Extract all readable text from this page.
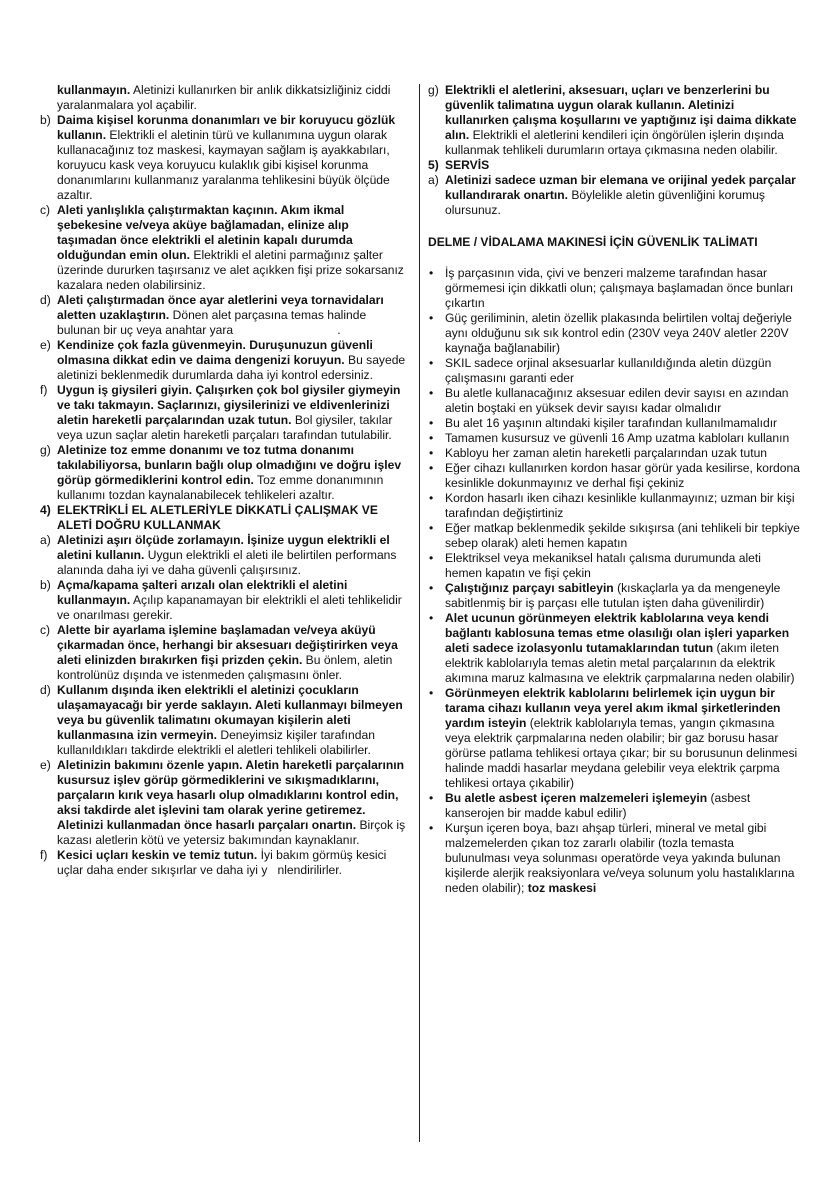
kullanmayın. Aletinizi kullanırken bir anlık dikkatsizliğiniz ciddi yaralanmalara yol açabilir.

b) Daima kişisel korunma donanımları ve bir koruyucu gözlük kullanın. Elektrikli el aletinin türü ve kullanımına uygun olarak kullanacağınız toz maskesi, kaymayan sağlam iş ayakkabıları, koruyucu kask veya koruyucu kulaklık gibi kişisel korunma donanımlarını kullanmanız yaralanma tehlikesini büyük ölçüde azaltır.

c) Aleti yanlışlıkla çalıştırmaktan kaçının. Akım ikmal şebekesine ve/veya aküye bağlamadan, elinize alıp taşımadan önce elektrikli el aletinin kapalı durumda olduğundan emin olun. Elektrikli el aletini parmağınız şalter üzerinde dururken taşırsanız ve alet açıkken fişi prize sokarsanız kazalara neden olabilirsiniz.

d) Aleti çalıştırmadan önce ayar aletlerini veya tornavidaları aletten uzaklaştırın. Dönen alet parçasına temas halinde bulunan bir uç veya anahtar yara                               .

e) Kendinize çok fazla güvenmeyin. Duruşunuzun güvenli olmasına dikkat edin ve daima dengenizi koruyun. Bu sayede aletinizi beklenmedik durumlarda daha iyi kontrol edersiniz.

f) Uygun iş giysileri giyin. Çalışırken çok bol giysiler giymeyin ve takı takmayın. Saçlarınızı, giysilerinizi ve eldivenlerinizi aletin hareketli parçalarından uzak tutun. Bol giysiler, takılar veya uzun saçlar aletin hareketli parçaları tarafından tutulabilir.

g) Aletinize toz emme donanımı ve toz tutma donanımı takılabiliyorsa, bunların bağlı olup olmadığını ve doğru işlev görüp görmediklerini kontrol edin. Toz emme donanımının kullanımı tozdan kaynalanabilecek tehlikeleri azaltır.

4) ELEKTRİKLİ EL ALETLERİYLE DİKKATLİ ÇALIŞMAK VE ALETİ DOĞRU KULLANMAK

a) Aletinizi aşırı ölçüde zorlamayın. İşinize uygun elektrikli el aletini kullanın. Uygun elektrikli el aleti ile belirtilen performans alanında daha iyi ve daha güvenli çalışırsınız.

b) Açma/kapama şalteri arızalı olan elektrikli el aletini kullanmayın. Açılıp kapanamayan bir elektrikli el aleti tehlikelidir ve onarılması gerekir.

c) Alette bir ayarlama işlemine başlamadan ve/veya aküyü çıkarmadan önce, herhangi bir aksesuarı değiştirirken veya aleti elinizden bırakırken fişi prizden çekin. Bu önlem, aletin kontrolünüz dışında ve istenmeden çalışmasını önler.

d) Kullanım dışında iken elektrikli el aletinizi çocukların ulaşamayacağı bir yerde saklayın. Aleti kullanmayı bilmeyen veya bu güvenlik talimatını okumayan kişilerin aleti kullanmasına izin vermeyin. Deneyimsiz kişiler tarafından kullanıldıkları takdirde elektrikli el aletleri tehlikeli olabilirler.

e) Aletinizin bakımını özenle yapın. Aletin hareketli parçalarının kusursuz işlev görüp görmediklerini ve sıkışmadıklarını, parçaların kırık veya hasarlı olup olmadıklarını kontrol edin, aksi takdirde alet işlevini tam olarak yerine getiremez. Aletinizi kullanmadan önce hasarlı parçaları onartın. Birçok iş kazası aletlerin kötü ve yetersiz bakımından kaynaklanır.

f) Kesici uçları keskin ve temiz tutun. İyi bakım görmüş kesici uçlar daha ender sıkışırlar ve daha iyi y   nlendirilirler.

g) Elektrikli el aletlerini, aksesuarı, uçları ve benzerlerini bu güvenlik talimatına uygun olarak kullanın. Aletinizi kullanırken çalışma koşullarını ve yaptığınız işi daima dikkate alın. Elektrikli el aletlerini kendileri için öngörülen işlerin dışında kullanmak tehlikeli durumların ortaya çıkmasına neden olabilir.

5) SERVİS

a) Aletinizi sadece uzman bir elemana ve orijinal yedek parçalar kullandırarak onartın. Böylelikle aletin güvenliğini korumuş olursunuz.

DELME / VİDALAMA MAKINESİ İÇİN GÜVENLİK TALİMATI
• İş parçasının vida, çivi ve benzeri malzeme tarafından hasar görmemesi için dikkatli olun; çalışmaya başlamadan önce bunları çıkartın
• Güç geriliminin, aletin özellik plakasında belirtilen voltaj değeriyle aynı olduğunu sık sık kontrol edin (230V veya 240V aletler 220V kaynağa bağlanabilir)
• SKIL sadece orjinal aksesuarlar kullanıldığında aletin düzgün çalışmasını garanti eder
• Bu aletle kullanacağınız aksesuar edilen devir sayısı en azından aletin boştaki en yüksek devir sayısı kadar olmalıdır
• Bu alet 16 yaşının altındaki kişiler tarafından kullanılmamalıdır
• Tamamen kusursuz ve güvenli 16 Amp uzatma kabloları kullanın
• Kabloyu her zaman aletin hareketli parçalarından uzak tutun
• Eğer cihazı kullanırken kordon hasar görür yada kesilirse, kordona kesinlikle dokunmayınız ve derhal fişi çekiniz
• Kordon hasarlı iken cihazı kesinlikle kullanmayınız; uzman bir kişi tarafından değiştirtiniz
• Eğer matkap beklenmedik şekilde sıkışırsa (ani tehlikeli bir tepkiye sebep olarak) aleti hemen kapatın
• Elektriksel veya mekaniksel hatalı çalısma durumunda aleti hemen kapatın ve fişi çekin
• Çalıştığınız parçayı sabitleyin (kıskaçlarla ya da mengeneyle sabitlenmiş bir iş parçası elle tutulan işten daha güvenilirdir)
• Alet ucunun görünmeyen elektrik kablolarına veya kendi bağlantı kablosuna temas etme olasılığı olan işleri yaparken aleti sadece izolasyonlu tutamaklarından tutun (akım ileten elektrik kablolarıyla temas aletin metal parçalarının da elektrik akımına maruz kalmasına ve elektrik çarpmalarına neden olabilir)
• Görünmeyen elektrik kablolarını belirlemek için uygun bir tarama cihazı kullanın veya yerel akım ikmal şirketlerinden yardım isteyin (elektrik kablolarıyla temas, yangın çıkmasına veya elektrik çarpmalarına neden olabilir; bir gaz borusu hasar görürse patlama tehlikesi ortaya çıkar; bir su borusunun delinmesi halinde maddi hasarlar meydana gelebilir veya elektrik çarpma tehlikesi ortaya çıkabilir)
• Bu aletle asbest içeren malzemeleri işlemeyin (asbest kanserojen bir madde kabul edilir)
• Kurşun içeren boya, bazı ahşap türleri, mineral ve metal gibi malzemelerden çıkan toz zararlı olabilir (tozla temasta bulunulması veya solunması operatörde veya yakında bulunan kişilerde alerjik reaksiyonlara ve/veya solunum yolu hastalıklarına neden olabilir); toz maskesi
